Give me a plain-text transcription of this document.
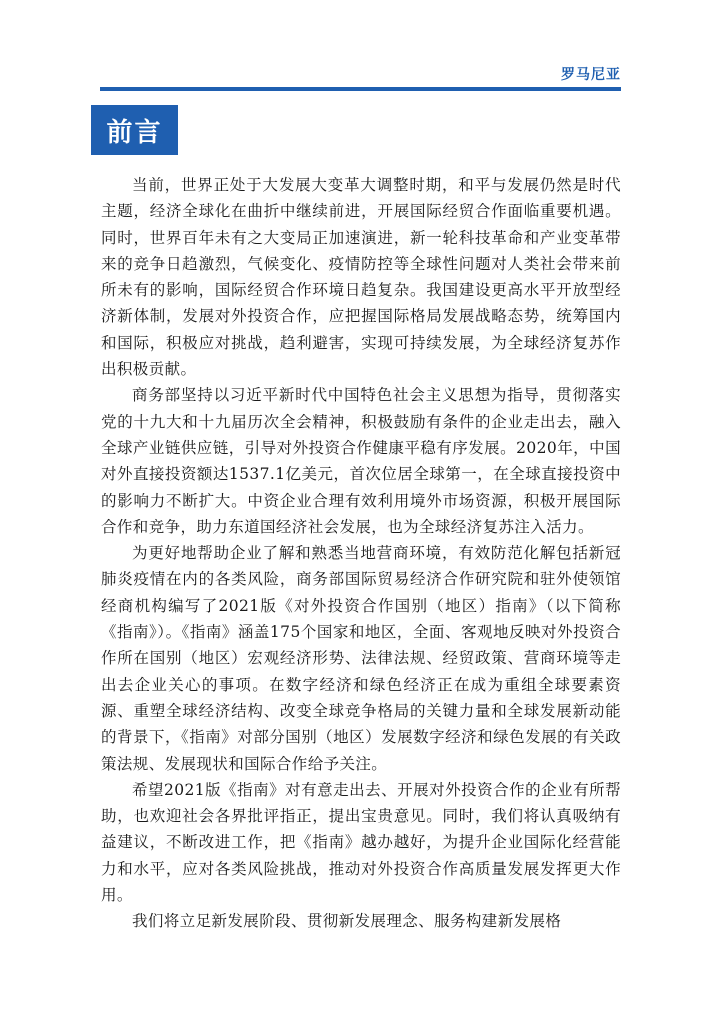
罗马尼亚
前言

当前，世界正处于大发展大变革大调整时期，和平与发展仍然是时代主题，经济全球化在曲折中继续前进，开展国际经贸合作面临重要机遇。同时，世界百年未有之大变局正加速演进，新一轮科技革命和产业变革带来的竞争日趋激烈，气候变化、疫情防控等全球性问题对人类社会带来前所未有的影响，国际经贸合作环境日趋复杂。我国建设更高水平开放型经济新体制，发展对外投资合作，应把握国际格局发展战略态势，统筹国内和国际，积极应对挑战，趋利避害，实现可持续发展，为全球经济复苏作出积极贡献。

商务部坚持以习近平新时代中国特色社会主义思想为指导，贯彻落实党的十九大和十九届历次全会精神，积极鼓励有条件的企业走出去，融入全球产业链供应链，引导对外投资合作健康平稳有序发展。2020年，中国对外直接投资额达1537.1亿美元，首次位居全球第一，在全球直接投资中的影响力不断扩大。中资企业合理有效利用境外市场资源，积极开展国际合作和竞争，助力东道国经济社会发展，也为全球经济复苏注入活力。

为更好地帮助企业了解和熟悉当地营商环境，有效防范化解包括新冠肺炎疫情在内的各类风险，商务部国际贸易经济合作研究院和驻外使领馆经商机构编写了2021版《对外投资合作国别（地区）指南》（以下简称《指南》）。《指南》涵盖175个国家和地区，全面、客观地反映对外投资合作所在国别（地区）宏观经济形势、法律法规、经贸政策、营商环境等走出去企业关心的事项。在数字经济和绿色经济正在成为重组全球要素资源、重塑全球经济结构、改变全球竞争格局的关键力量和全球发展新动能的背景下，《指南》对部分国别（地区）发展数字经济和绿色发展的有关政策法规、发展现状和国际合作给予关注。

希望2021版《指南》对有意走出去、开展对外投资合作的企业有所帮助，也欢迎社会各界批评指正，提出宝贵意见。同时，我们将认真吸纳有益建议，不断改进工作，把《指南》越办越好，为提升企业国际化经营能力和水平，应对各类风险挑战，推动对外投资合作高质量发展发挥更大作用。

我们将立足新发展阶段、贯彻新发展理念、服务构建新发展格
